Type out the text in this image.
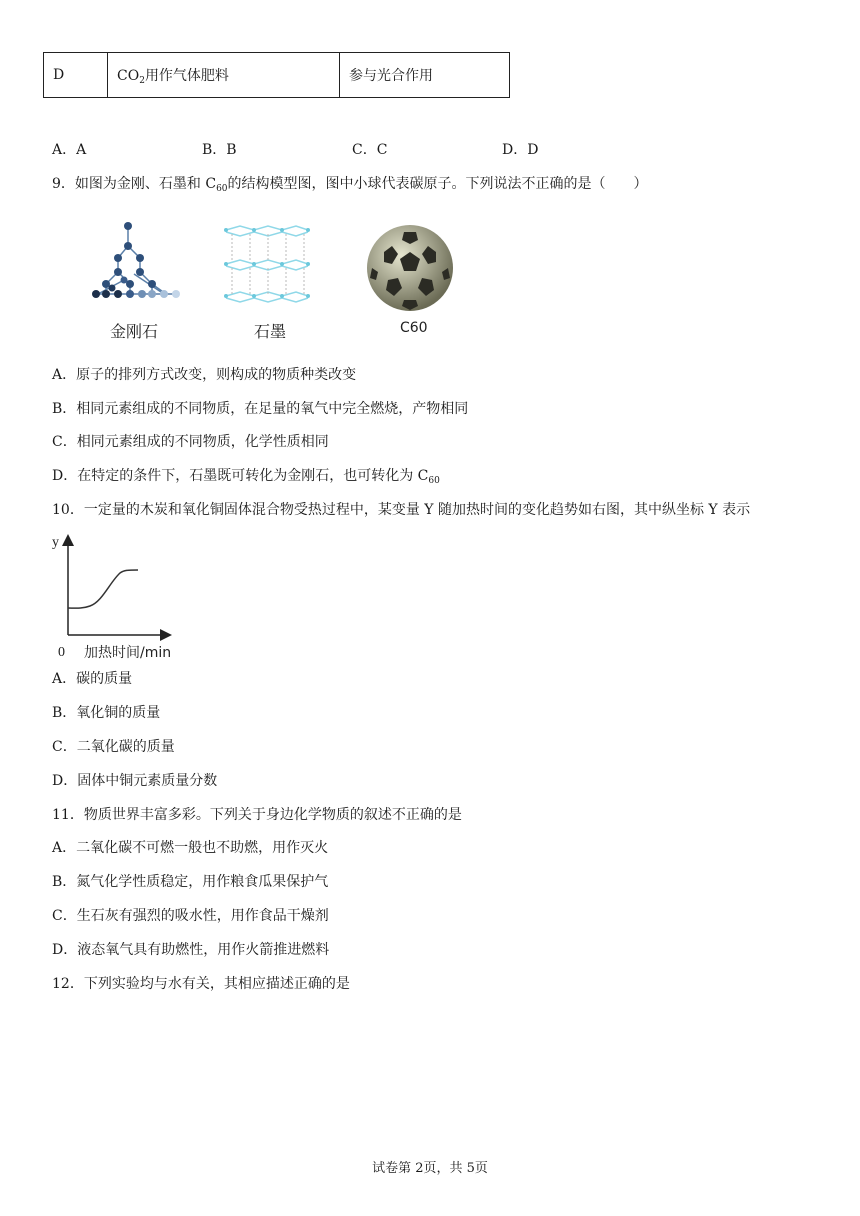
D	$CO_2$用作气体肥料	参与光合作用
A．A	B．B	C．C	D．D
9．如图为金刚、石墨和 $C_{60}$的结构模型图，图中小球代表碳原子。下列说法不正确的是（　　）
金刚石	石墨	C60
A．原子的排列方式改变，则构成的物质种类改变
B．相同元素组成的不同物质，在足量的氧气中完全燃烧，产物相同
C．相同元素组成的不同物质，化学性质相同
D．在特定的条件下，石墨既可转化为金刚石，也可转化为 $C_{60}$
10．一定量的木炭和氧化铜固体混合物受热过程中，某变量 Y 随加热时间的变化趋势如右图，其中纵坐标 Y 表示
y
0 加热时间/min
A．碳的质量
B．氧化铜的质量
C．二氧化碳的质量
D．固体中铜元素质量分数
11．物质世界丰富多彩。下列关于身边化学物质的叙述不正确的是
A．二氧化碳不可燃一般也不助燃，用作灭火
B．氮气化学性质稳定，用作粮食瓜果保护气
C．生石灰有强烈的吸水性，用作食品干燥剂
D．液态氧气具有助燃性，用作火箭推进燃料
12．下列实验均与水有关，其相应描述正确的是
试卷第 2页，共 5页
